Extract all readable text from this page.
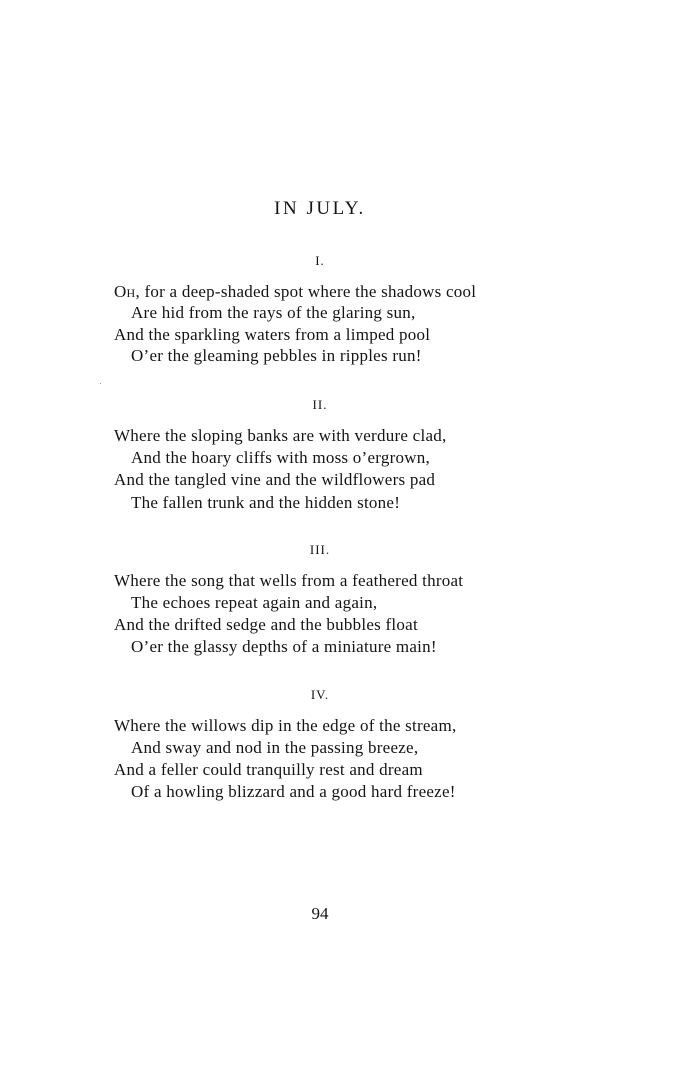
IN JULY.
I.
Oh, for a deep-shaded spot where the shadows cool
Are hid from the rays of the glaring sun,
And the sparkling waters from a limped pool
O’er the gleaming pebbles in ripples run!
II.
Where the sloping banks are with verdure clad,
And the hoary cliffs with moss o’ergrown,
And the tangled vine and the wildflowers pad
The fallen trunk and the hidden stone!
III.
Where the song that wells from a feathered throat
The echoes repeat again and again,
And the drifted sedge and the bubbles float
O’er the glassy depths of a miniature main!
IV.
Where the willows dip in the edge of the stream,
And sway and nod in the passing breeze,
And a feller could tranquilly rest and dream
Of a howling blizzard and a good hard freeze!
94
